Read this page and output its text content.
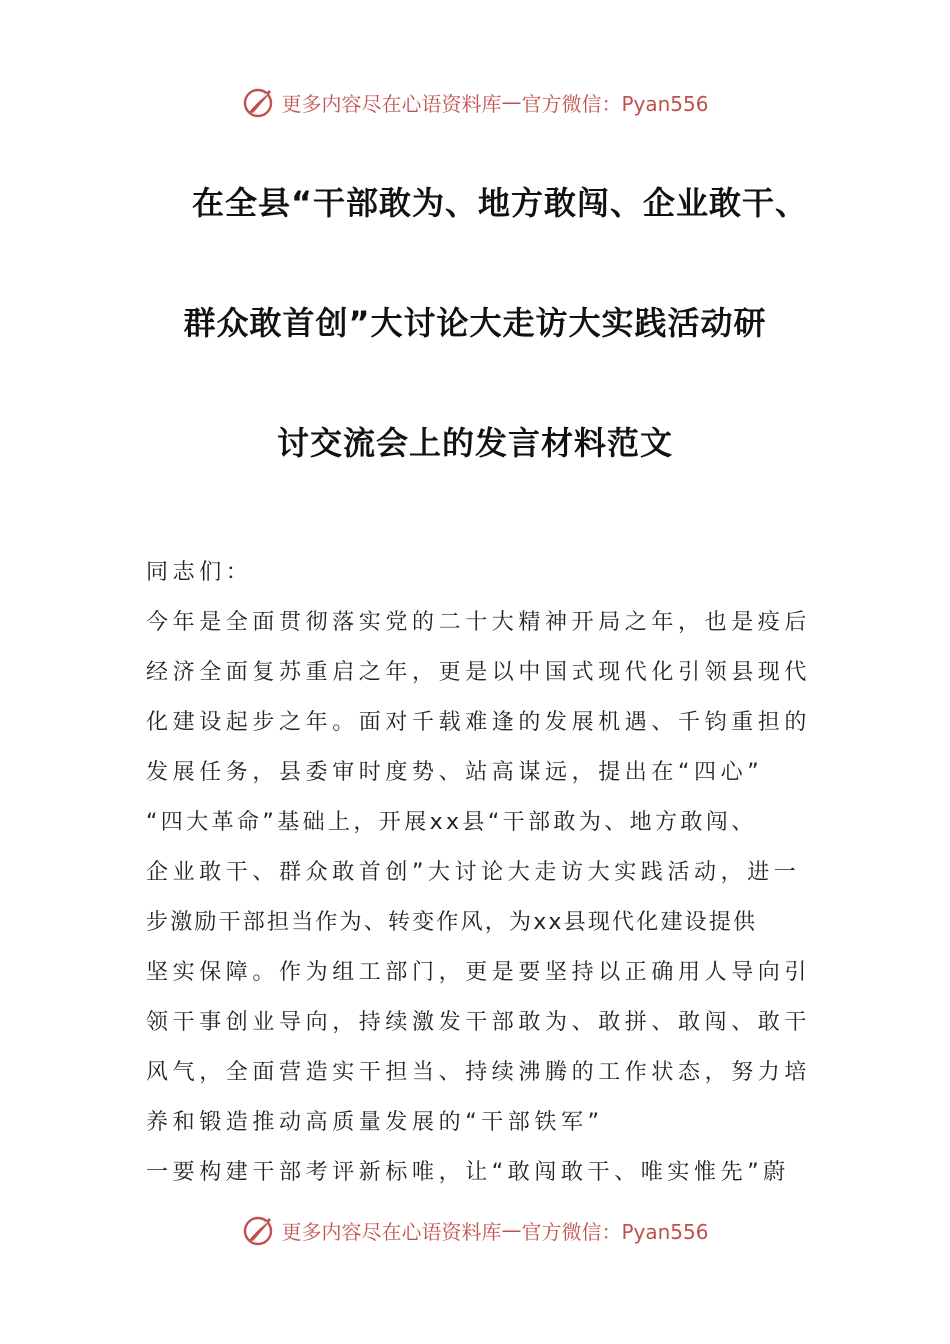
更多内容尽在心语资料库 — 官方微信：Pyan556
在全县“干部敢为、地方敢闯、企业敢干、
群众敢首创”大讨论大走访大实践活动研
讨交流会上的发言材料范文
同志们：
今年是全面贯彻落实党的二十大精神开局之年，也是疫后
经济全面复苏重启之年，更是以中国式现代化引领县现代
化建设起步之年。面对千载难逢的发展机遇、千钧重担的
发展任务，县委审时度势、站高谋远，提出在“四心”
“四大革命”基础上，开展xx县“干部敢为、地方敢闯、
企业敢干、群众敢首创”大讨论大走访大实践活动，进一
步激励干部担当作为、转变作风，为xx县现代化建设提供
坚实保障。作为组工部门，更是要坚持以正确用人导向引
领干事创业导向，持续激发干部敢为、敢拼、敢闯、敢干
风气，全面营造实干担当、持续沸腾的工作状态，努力培
养和锻造推动高质量发展的“干部铁军”
一要构建干部考评新标唯，让“敢闯敢干、唯实惟先”蔚
更多内容尽在心语资料库 — 官方微信：Pyan556
